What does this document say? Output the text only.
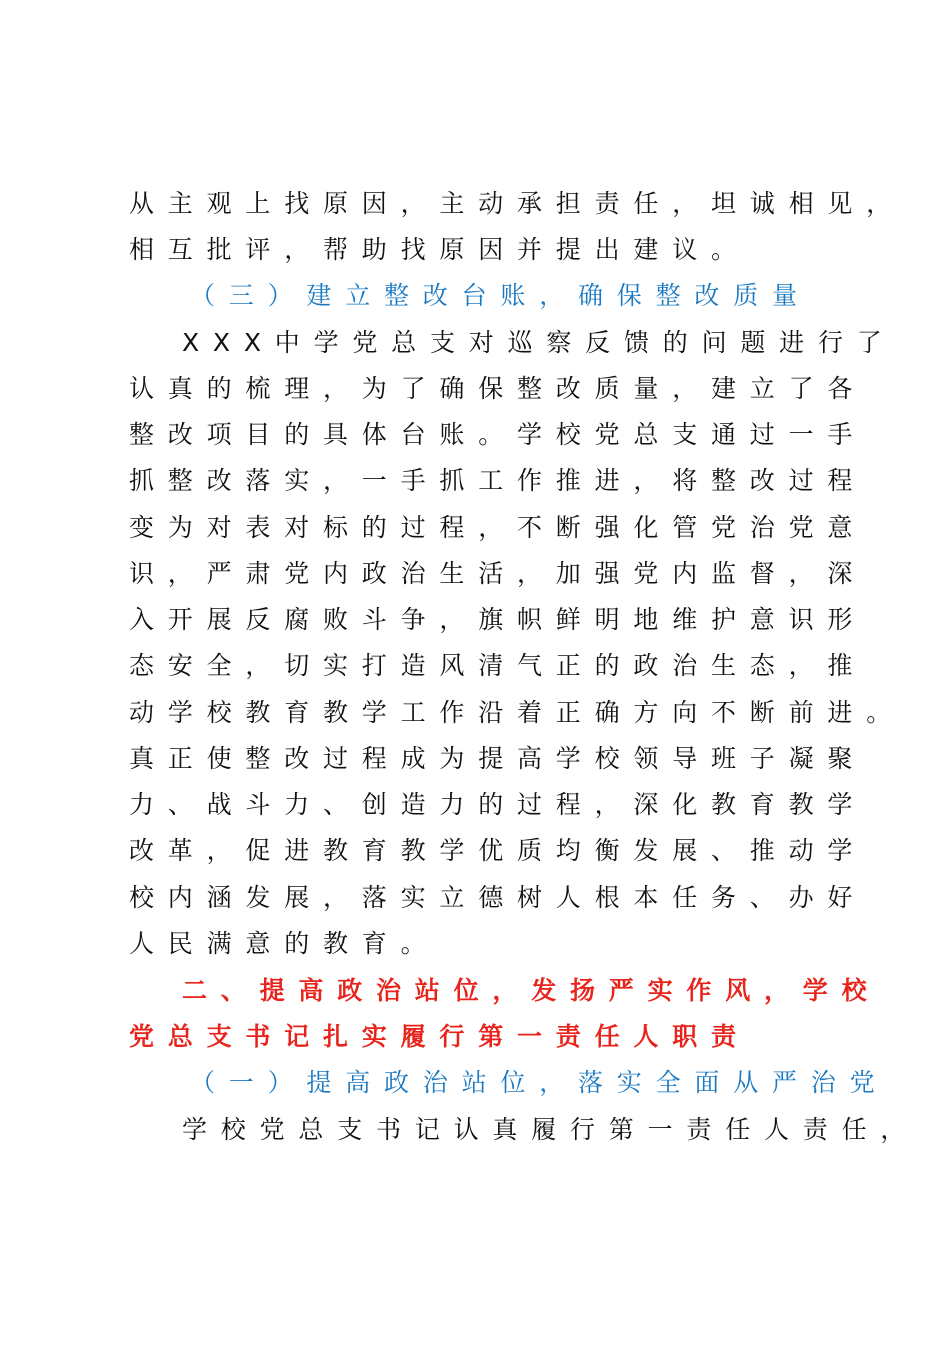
从主观上找原因，主动承担责任，坦诚相见，
相互批评，帮助找原因并提出建议。
（三）建立整改台账，确保整改质量
XXX中学党总支对巡察反馈的问题进行了
认真的梳理，为了确保整改质量，建立了各
整改项目的具体台账。学校党总支通过一手
抓整改落实，一手抓工作推进，将整改过程
变为对表对标的过程，不断强化管党治党意
识，严肃党内政治生活，加强党内监督，深
入开展反腐败斗争，旗帜鲜明地维护意识形
态安全，切实打造风清气正的政治生态，推
动学校教育教学工作沿着正确方向不断前进。
真正使整改过程成为提高学校领导班子凝聚
力、战斗力、创造力的过程，深化教育教学
改革，促进教育教学优质均衡发展、推动学
校内涵发展，落实立德树人根本任务、办好
人民满意的教育。
二、提高政治站位，发扬严实作风，学校
党总支书记扎实履行第一责任人职责
（一）提高政治站位，落实全面从严治党
学校党总支书记认真履行第一责任人责任，
